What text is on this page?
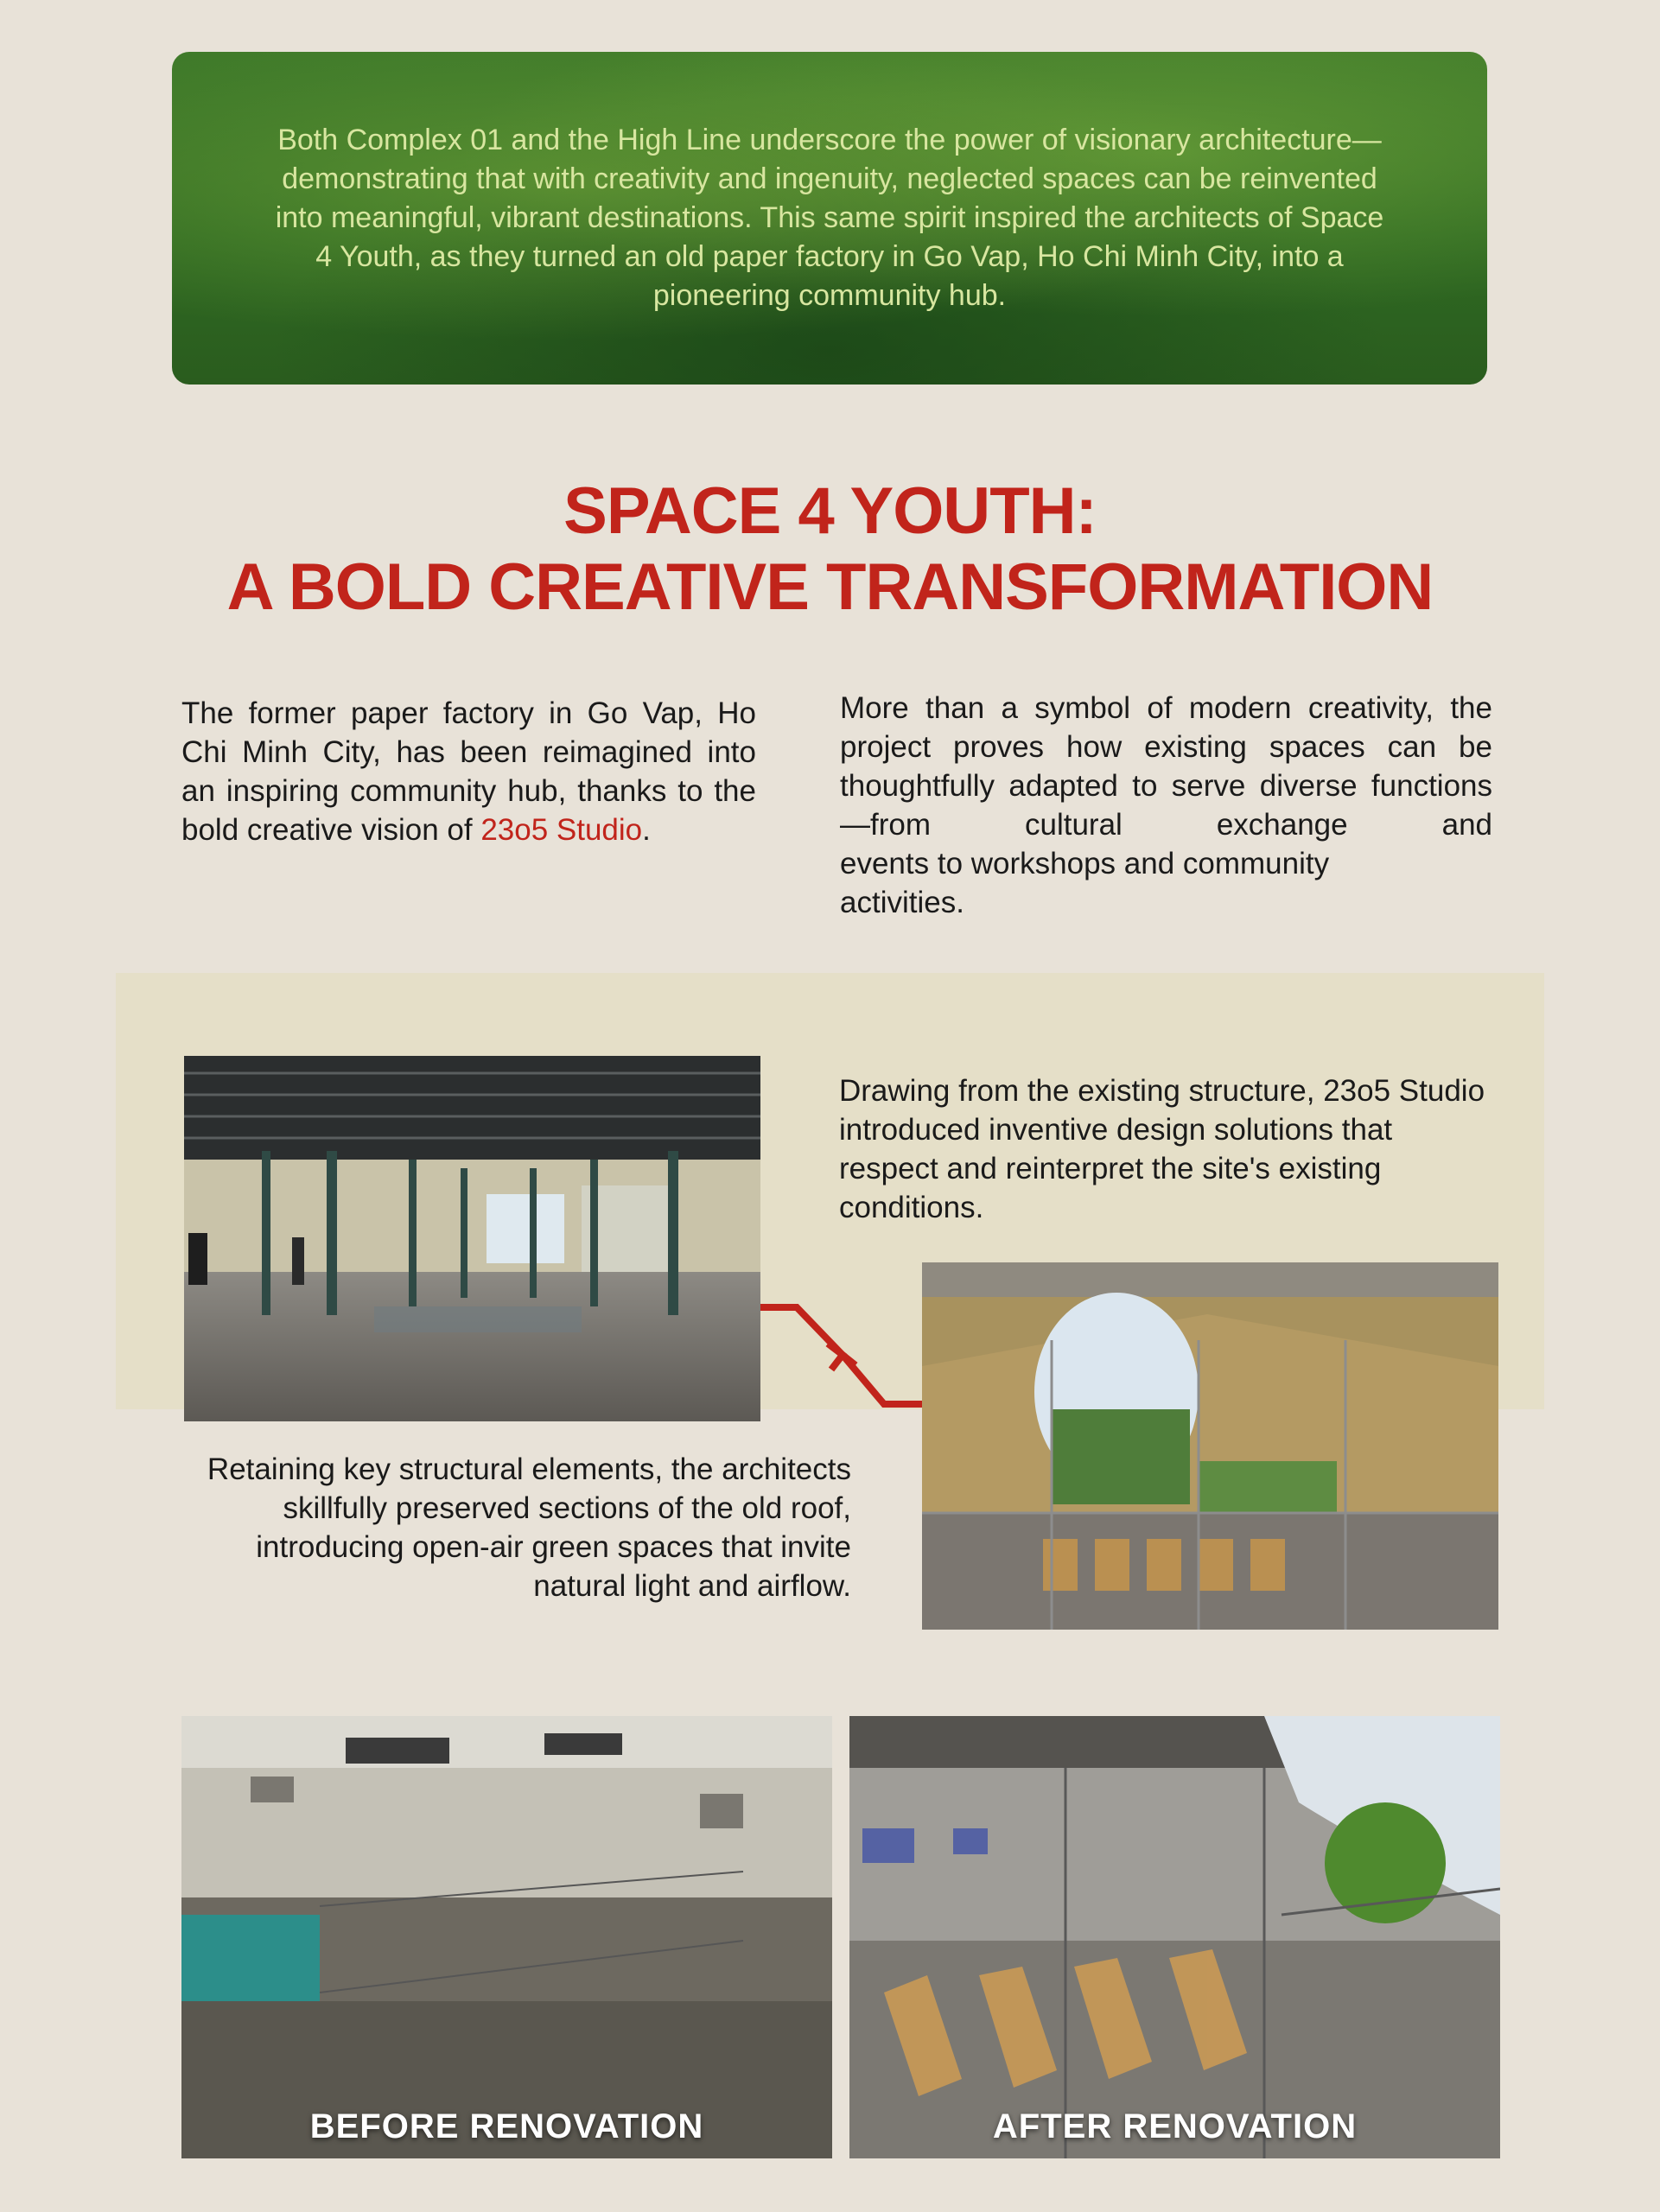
Both Complex 01 and the High Line underscore the power of visionary architecture—demonstrating that with creativity and ingenuity, neglected spaces can be reinvented into meaningful, vibrant destinations. This same spirit inspired the architects of Space 4 Youth, as they turned an old paper factory in Go Vap, Ho Chi Minh City, into a pioneering community hub.

SPACE 4 YOUTH:
A BOLD CREATIVE TRANSFORMATION

The former paper factory in Go Vap, Ho Chi Minh City, has been reimagined into an inspiring community hub, thanks to the bold creative vision of 23o5 Studio.

More than a symbol of modern creativity, the project proves how existing spaces can be thoughtfully adapted to serve diverse functions—from cultural exchange and
events to workshops and community activities.
Drawing from the existing structure, 23o5 Studio introduced inventive design solutions that respect and reinterpret the site's existing conditions.
Retaining key structural elements, the architects skillfully preserved sections of the old roof, introducing open-air green spaces that invite natural light and airflow.
BEFORE RENOVATION	AFTER RENOVATION
